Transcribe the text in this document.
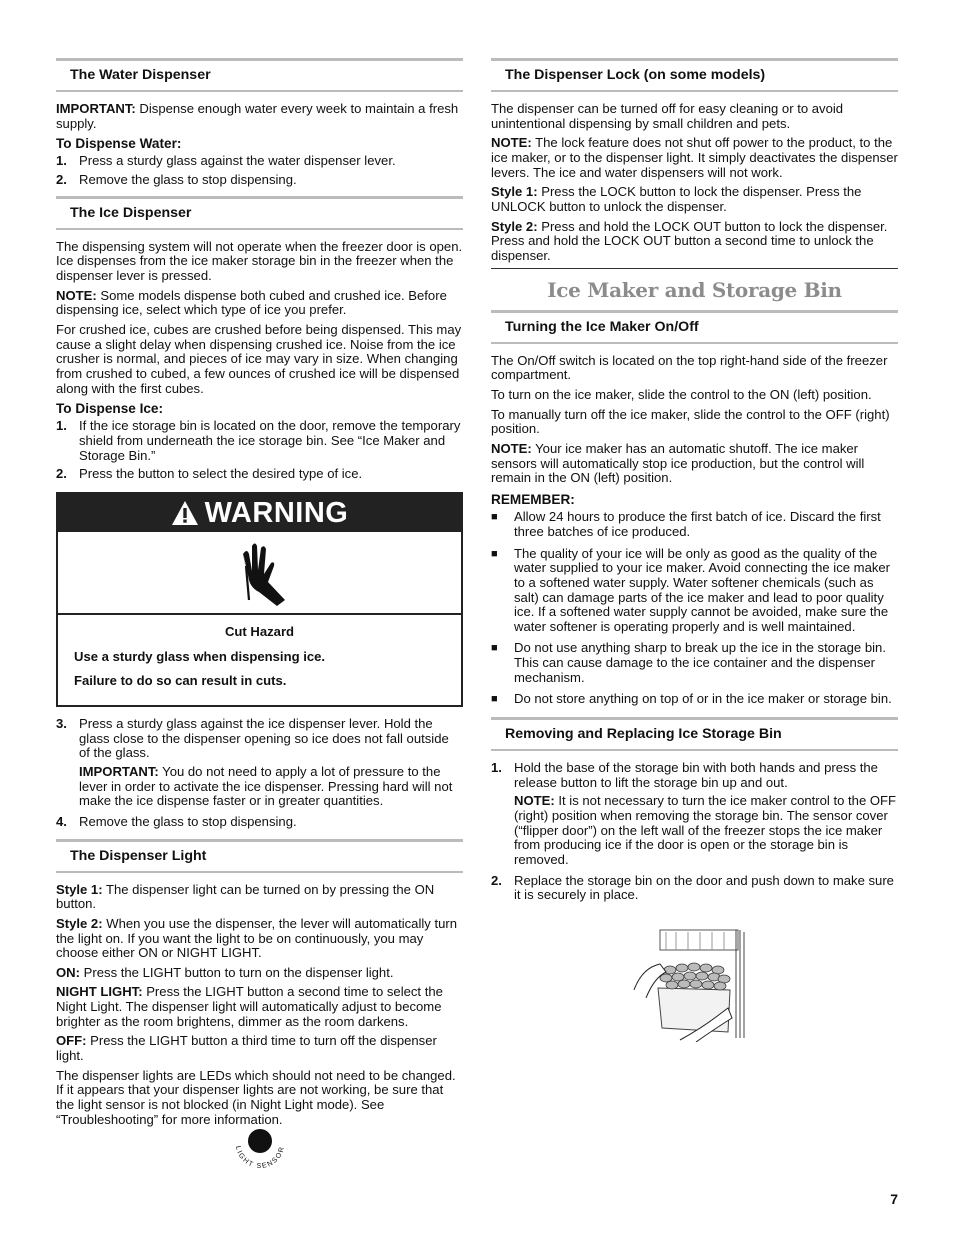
The Water Dispenser

IMPORTANT: Dispense enough water every week to maintain a fresh supply.

To Dispense Water:
1. Press a sturdy glass against the water dispenser lever.
2. Remove the glass to stop dispensing.
The Ice Dispenser

The dispensing system will not operate when the freezer door is open. Ice dispenses from the ice maker storage bin in the freezer when the dispenser lever is pressed.

NOTE: Some models dispense both cubed and crushed ice. Before dispensing ice, select which type of ice you prefer.

For crushed ice, cubes are crushed before being dispensed. This may cause a slight delay when dispensing crushed ice. Noise from the ice crusher is normal, and pieces of ice may vary in size. When changing from crushed to cubed, a few ounces of crushed ice will be dispensed along with the first cubes.

To Dispense Ice:
1. If the ice storage bin is located on the door, remove the temporary shield from underneath the ice storage bin. See “Ice Maker and Storage Bin.”
2. Press the button to select the desired type of ice.
WARNING
Cut Hazard
Use a sturdy glass when dispensing ice.
Failure to do so can result in cuts.
3. Press a sturdy glass against the ice dispenser lever. Hold the glass close to the dispenser opening so ice does not fall outside of the glass.

IMPORTANT: You do not need to apply a lot of pressure to the lever in order to activate the ice dispenser. Pressing hard will not make the ice dispense faster or in greater quantities.

4. Remove the glass to stop dispensing.
The Dispenser Light

Style 1: The dispenser light can be turned on by pressing the ON button.

Style 2: When you use the dispenser, the lever will automatically turn the light on. If you want the light to be on continuously, you may choose either ON or NIGHT LIGHT.

ON: Press the LIGHT button to turn on the dispenser light.

NIGHT LIGHT: Press the LIGHT button a second time to select the Night Light. The dispenser light will automatically adjust to become brighter as the room brightens, dimmer as the room darkens.

OFF: Press the LIGHT button a third time to turn off the dispenser light.

The dispenser lights are LEDs which should not need to be changed. If it appears that your dispenser lights are not working, be sure that the light sensor is not blocked (in Night Light mode). See “Troubleshooting” for more information.

LIGHT SENSOR
The Dispenser Lock (on some models)

The dispenser can be turned off for easy cleaning or to avoid unintentional dispensing by small children and pets.

NOTE: The lock feature does not shut off power to the product, to the ice maker, or to the dispenser light. It simply deactivates the dispenser levers. The ice and water dispensers will not work.

Style 1: Press the LOCK button to lock the dispenser. Press the UNLOCK button to unlock the dispenser.

Style 2: Press and hold the LOCK OUT button to lock the dispenser. Press and hold the LOCK OUT button a second time to unlock the dispenser.

Ice Maker and Storage Bin
Turning the Ice Maker On/Off

The On/Off switch is located on the top right-hand side of the freezer compartment.

To turn on the ice maker, slide the control to the ON (left) position.

To manually turn off the ice maker, slide the control to the OFF (right) position.

NOTE: Your ice maker has an automatic shutoff. The ice maker sensors will automatically stop ice production, but the control will remain in the ON (left) position.

REMEMBER:
■	Allow 24 hours to produce the first batch of ice. Discard the first three batches of ice produced.
■	The quality of your ice will be only as good as the quality of the water supplied to your ice maker. Avoid connecting the ice maker to a softened water supply. Water softener chemicals (such as salt) can damage parts of the ice maker and lead to poor quality ice. If a softened water supply cannot be avoided, make sure the water softener is operating properly and is well maintained.
■	Do not use anything sharp to break up the ice in the storage bin. This can cause damage to the ice container and the dispenser mechanism.
■	Do not store anything on top of or in the ice maker or storage bin.
Removing and Replacing Ice Storage Bin
1. Hold the base of the storage bin with both hands and press the release button to lift the storage bin up and out.

NOTE: It is not necessary to turn the ice maker control to the OFF (right) position when removing the storage bin. The sensor cover (“flipper door”) on the left wall of the freezer stops the ice maker from producing ice if the door is open or the storage bin is removed.

2. Replace the storage bin on the door and push down to make sure it is securely in place.
7
